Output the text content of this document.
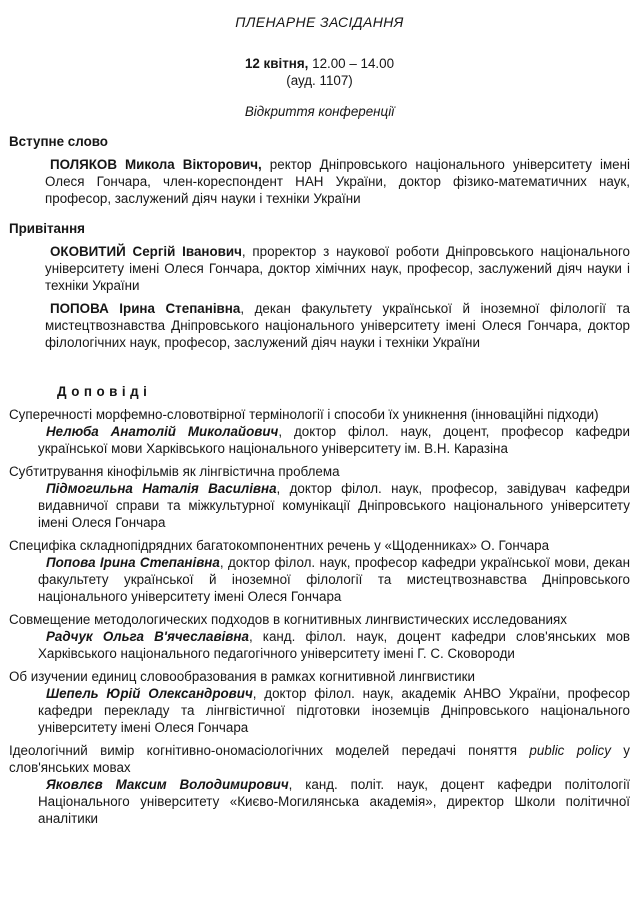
ПЛЕНАРНЕ ЗАСІДАННЯ
12 квітня, 12.00 – 14.00
(ауд. 1107)
Відкриття конференції
Вступне слово
ПОЛЯКОВ Микола Вікторович, ректор Дніпровського національного університету імені Олеся Гончара, член-кореспондент НАН України, доктор фізико-математичних наук, професор, заслужений діяч науки і техніки України
Привітання
ОКОВИТИЙ Сергій Іванович, проректор з наукової роботи Дніпровського національного університету імені Олеся Гончара, доктор хімічних наук, професор, заслужений діяч науки і техніки України
ПОПОВА Ірина Степанівна, декан факультету української й іноземної філології та мистецтвознавства Дніпровського національного університету імені Олеся Гончара, доктор філологічних наук, професор, заслужений діяч науки і техніки України
Доповіді
Суперечності морфемно-словотвірної термінології і способи їх уникнення (інноваційні підходи)
Нелюба Анатолій Миколайович, доктор філол. наук, доцент, професор кафедри української мови Харківського національного університету ім. В.Н. Каразіна
Субтитрування кінофільмів як лінгвістична проблема
Підмогильна Наталія Василівна, доктор філол. наук, професор, завідувач кафедри видавничої справи та міжкультурної комунікації Дніпровського національного університету імені Олеся Гончара
Специфіка складнопідрядних багатокомпонентних речень у «Щоденниках» О. Гончара
Попова Ірина Степанівна, доктор філол. наук, професор кафедри української мови, декан факультету української й іноземної філології та мистецтвознавства Дніпровського національного університету імені Олеся Гончара
Совмещение методологических подходов в когнитивных лингвистических исследованиях
Радчук Ольга В'ячеславівна, канд. філол. наук, доцент кафедри слов'янських мов Харківського національного педагогічного університету імені Г. С. Сковороди
Об изучении единиц словообразования в рамках когнитивной лингвистики
Шепель Юрій Олександрович, доктор філол. наук, академік АНВО України, професор кафедри перекладу та лінгвістичної підготовки іноземців Дніпровського національного університету імені Олеся Гончара
Ідеологічний вимір когнітивно-ономасіологічних моделей передачі поняття public policy у слов'янських мовах
Яковлєв Максим Володимирович, канд. політ. наук, доцент кафедри політології Національного університету «Києво-Могилянська академія», директор Школи політичної аналітики
